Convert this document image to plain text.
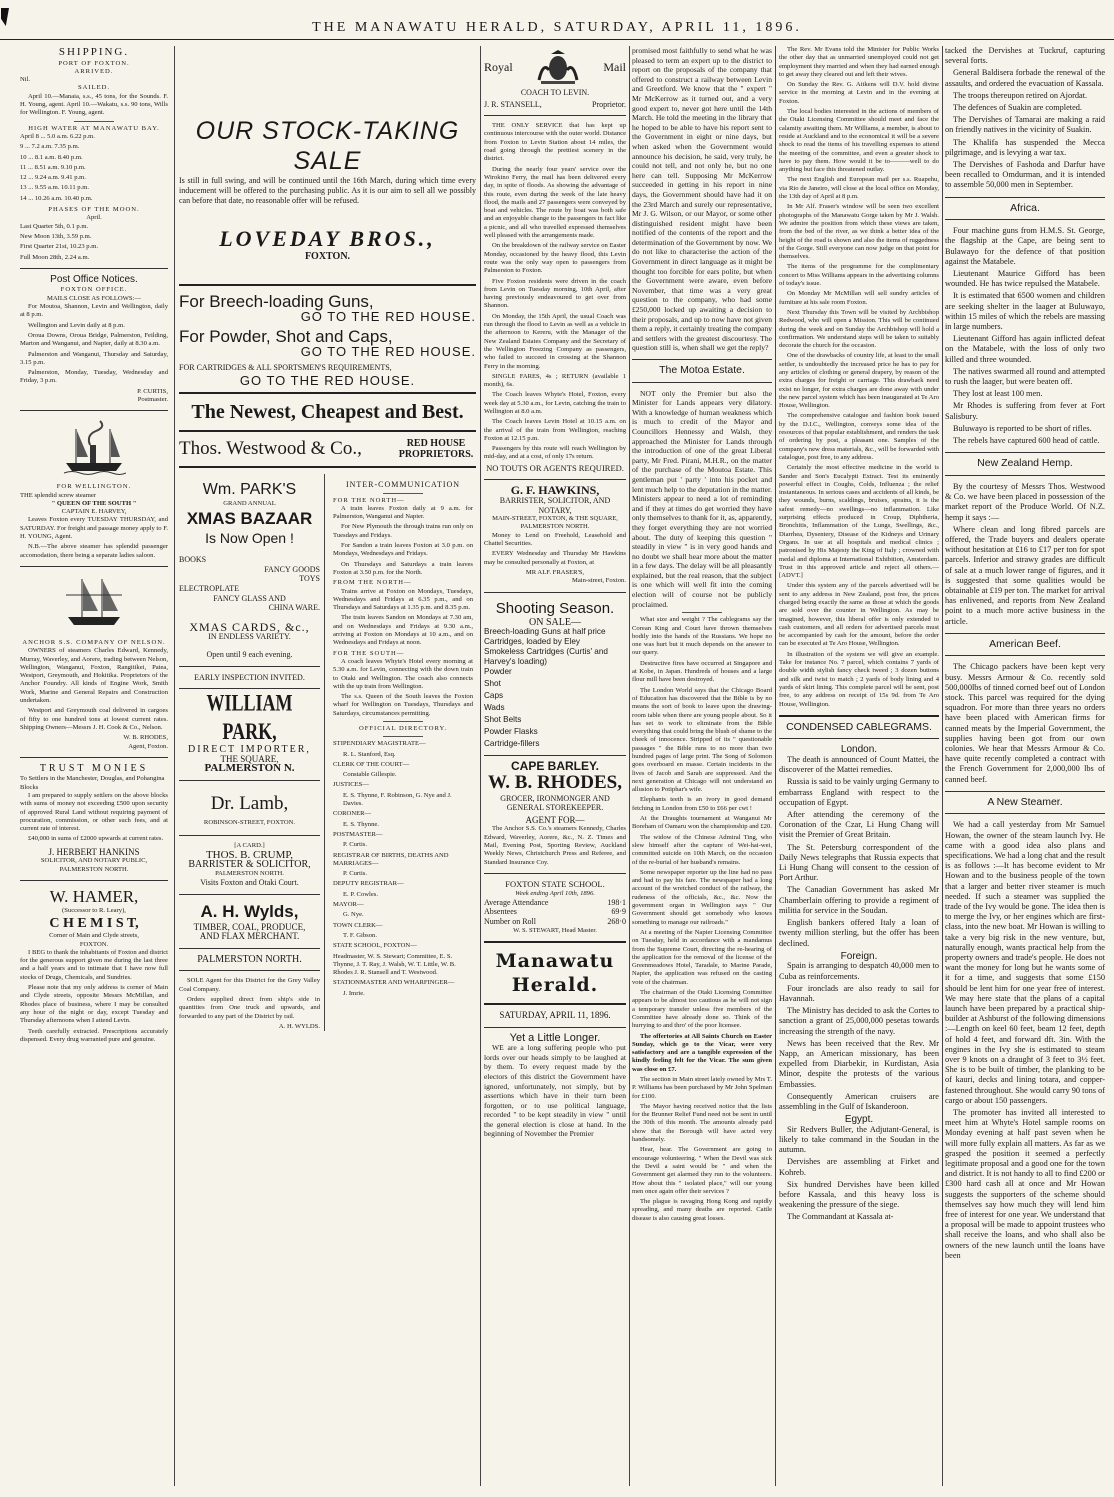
THE MANAWATU HERALD, SATURDAY, APRIL 11, 1896.
SHIPPING.
PORT OF FOXTON.
ARRIVED.
Nil.
SAILED.
April 10.—Manaia, s.s., 45 tons, for the Sounds. F. H. Young, agent. April 10.—Wakatu, s.s. 90 tons, Wills for Wellington. F. Young, agent.
HIGH WATER AT MANAWATU BAY.
April 8 ... 5.0 a.m. 6.22 p.m.
9 ... 7.2 a.m. 7.35 p.m.
10 ... 8.1 a.m. 8.40 p.m.
11 ... 8.51 a.m. 9.10 p.m.
12 ... 9.24 a.m. 9.41 p.m.
13 ... 9.55 a.m. 10.11 p.m.
14 ... 10.26 a.m. 10.40 p.m.
PHASES OF THE MOON.
April.
Last Quarter 5th, 0.1 p.m.
New Moon 13th, 3.59 p.m.
First Quarter 21st, 10.23 p.m.
Full Moon 28th, 2.24 a.m.
Post Office Notices.
FOXTON OFFICE.
MAILS CLOSE AS FOLLOWS:—
For Moutoa, Shannon, Levin and Wellington, daily at 8 p.m.
Wellington and Levin daily at 8 p.m.
Oroua Downs, Oroua Bridge, Palmerston, Feilding, Marton and Wanganui, and Napier, daily at 8.30 a.m.
Palmerston and Wanganui, Thursday and Saturday, 3.15 p.m.
Palmerston, Monday, Tuesday, Wednesday and Friday, 3 p.m.
P. CURTIS,
Postmaster.
FOR WELLINGTON.
THE splendid screw steamer
" QUEEN OF THE SOUTH "
CAPTAIN E. HARVEY,
Leaves Foxton every TUESDAY THURSDAY, and SATURDAY. For freight and passage money apply to F. H. YOUNG, Agent.
N.B.—The above steamer has splendid passenger accomodation, there being a separate ladies saloon.
ANCHOR S.S. COMPANY OF NELSON.
OWNERS of steamers Charles Edward, Kennedy, Murray, Waverley, and Aorere, trading between Nelson, Wellington, Wanganui, Foxton, Rangitikei, Patea, Westport, Greymouth, and Hokitika. Proprietors of the Anchor Foundry. All kinds of Engine Work, Smith Work, Marine and General Repairs and Construction undertaken.
Westport and Greymouth coal delivered in cargoes of fifty to one hundred tons at lowest current rates. Shipping Owners—Messrs J. H. Cook & Co., Nelson.
W. B. RHODES,
Agent, Foxton.
TRUST MONIES
To Settlers in the Manchester, Douglas, and Pohangina Blocks
I am prepared to supply settlers on the above blocks with sums of money not exceeding £500 upon security of approved Rural Land without requiring payment of procuration, commission, or other such fees, and at current rate of interest.
£40,000 in sums of £2000 upwards at current rates.
J. HERBERT HANKINS
SOLICITOR, AND NOTARY PUBLIC,
PALMERSTON NORTH.
W. HAMER,
(Successor to R. Leary),
C H E M I S T,
Corner of Main and Clyde streets,
FOXTON.
I BEG to thank the inhabitants of Foxton and district for the generous support given me during the last three and a half years and to intimate that I have now full stocks of Drugs, Chemicals, and Sundries.
Please note that my only address is corner of Main and Clyde streets, opposite Messrs McMillan, and Rhodes place of business, where I may be consulted any hour of the night or day, except Tuesday and Thursday afternoons when I attend Levin.
Teeth carefully extracted. Prescriptions accurately dispensed. Every drug warranted pure and genuine.
OUR STOCK-TAKING SALE
Is still in full swing, and will be continued until the 16th March, during which time every inducement will be offered to the purchasing public. As it is our aim to sell all we possibly can before that date, no reasonable offer will be refused.
LOVEDAY BROS.,
FOXTON.
For Breech-loading Guns,
GO TO THE RED HOUSE.
For Powder, Shot and Caps,
GO TO THE RED HOUSE.
FOR CARTRIDGES & ALL SPORTSMEN'S REQUIREMENTS,
GO TO THE RED HOUSE.
The Newest, Cheapest and Best.
Thos. Westwood & Co.,	RED HOUSE PROPRIETORS.
Wm. PARK'S
GRAND ANNUAL
XMAS BAZAAR
Is Now Open !
BOOKS
FANCY GOODS
TOYS
ELECTROPLATE
FANCY GLASS AND
CHINA WARE.
XMAS CARDS, &c.,
IN ENDLESS VARIETY.
Open until 9 each evening.
EARLY INSPECTION INVITED.
WILLIAM PARK,
DIRECT IMPORTER,
THE SQUARE,
PALMERSTON N.
Dr. Lamb,
ROBINSON-STREET, FOXTON.
[A CARD.]
THOS. B. CRUMP,
BARRISTER & SOLICITOR,
PALMERSTON NORTH.
Visits Foxton and Otaki Court.
A. H. Wylds,
TIMBER, COAL, PRODUCE,
AND FLAX MERCHANT.
PALMERSTON NORTH.
SOLE Agent for this District for the Grey Valley Coal Company.
Orders supplied direct from ship's side in quantities from One truck and upwards, and forwarded to any part of the District by rail.
A. H. WYLDS.
INTER-COMMUNICATION
FOR THE NORTH—
A train leaves Foxton daily at 9 a.m. for Palmerston, Wanganui and Napier.
For New Plymouth the through trains run only on Tuesdays and Fridays.
For Sandon a train leaves Foxton at 3.0 p.m. on Mondays, Wednesdays and Fridays.
On Thursdays and Saturdays a train leaves Foxton at 3.50 p.m. for the North.
FROM THE NORTH—
Trains arrive at Foxton on Mondays, Tuesdays, Wednesdays and Fridays at 6.35 p.m., and on Thursdays and Saturdays at 1.35 p.m. and 8.35 p.m.
The train leaves Sandon on Mondays at 7.30 am, and on Wednesdays and Fridays at 9.30 a.m., arriving at Foxton on Mondays at 10 a.m., and on Wednesdays and Fridays at noon.
FOR THE SOUTH—
A coach leaves Whyte's Hotel every morning at 5.30 a.m. for Levin, connecting with the down train to Otaki and Wellington. The coach also connects with the up train from Wellington.
The s.s. Queen of the South leaves the Foxton wharf for Wellington on Tuesdays, Thursdays and Saturdays, circumstances permitting.
OFFICIAL DIRECTORY.
STIPENDIARY MAGISTRATE—
R. L. Stanford, Esq.
CLERK OF THE COURT—
Constable Gillespie.
JUSTICES—
E. S. Thynne, F. Robinson, G. Nye and J. Davies.
CORONER—
E. S. Thynne.
POSTMASTER—
P. Curtis.
REGISTRAR OF BIRTHS, DEATHS AND MARRIAGES—
P. Curtis.
DEPUTY REGISTRAR—
E. P. Cowles.
MAYOR—
G. Nye.
TOWN CLERK—
T. F. Gibson.
STATE SCHOOL, FOXTON—
Headmaster, W. S. Stewart; Committee, E. S. Thynne, J. T. Ray, J. Walsh, W. T. Little, W. B. Rhodes J. R. Stansell and T. Westwood.
STATIONMASTER AND WHARFINGER—
J. Imrie.
Royal	Mail
COACH TO LEVIN.
J. R. STANSELL,	Proprietor.
THE ONLY SERVICE that has kept up continuous intercourse with the outer world. Distance from Foxton to Levin Station about 14 miles, the road going through the prettiest scenery in the district.
During the nearly four years' service over the Wirokino Ferry, the mail has been delivered every day, in spite of floods. As showing the advantage of this route, even during the week of the late heavy flood, the mails and 27 passengers were conveyed by boat and vehicles. The route by boat was both safe and an enjoyable change to the passengers in fact like a picnic, and all who travelled expressed themselves well pleased with the arrangements made.
On the breakdown of the railway service on Easter Monday, occasioned by the heavy flood, this Levin route was the only way open to passengers from Palmerston to Foxton.
Five Foxton residents were driven in the coach from Levin on Tuesday morning, 10th April, after having previously endeavoured to get over from Shannon.
On Monday, the 15th April, the usual Coach was run through the flood to Levin as well as a vehicle in the afternoon to Kereru, with the Manager of the New Zealand Estates Company and the Secretary of the Wellington Freezing Company as passengers, who failed to succeed in crossing at the Shannon Ferry in the morning.
SINGLE FARES, 4s ; RETURN (available 1 month), 6s.
The Coach leaves Whyte's Hotel, Foxton, every week day at 5.30 a.m., for Levin, catching the train to Wellington at 8.0 a.m.
The Coach leaves Levin Hotel at 10.15 a.m. on the arrival of the train from Wellington, reaching Foxton at 12.15 p.m.
Passengers by this route will reach Wellington by mid-day, and at a cost, of only 17s return.
NO TOUTS OR AGENTS REQUIRED.
G. F. HAWKINS,
BARRISTER, SOLICITOR, AND NOTARY,
MAIN-STREET, FOXTON, & THE SQUARE, PALMERSTON NORTH.
Money to Lend on Freehold, Leasehold and Chattel Securities.
EVERY Wednesday and Thursday Mr Hawkins may be consulted personally at Foxton, at
MR ALF. FRASER'S,
Main-street, Foxton.
Shooting Season.
ON SALE—
Breech-loading Guns at half price
Cartridges, loaded by Eley
Smokeless Cartridges (Curtis' and Harvey's loading)
Powder
Shot
Caps
Wads
Shot Belts
Powder Flasks
Cartridge-fillers
CAPE BARLEY.
W. B. RHODES,
GROCER, IRONMONGER AND GENERAL STOREKEEPER.
AGENT FOR—
The Anchor S.S. Co.'s steamers Kennedy, Charles Edward, Waverley, Aorere, &c., N. Z. Times and Mail, Evening Post, Sporting Review, Auckland Weekly News, Christchurch Press and Referee, and Standard Insurance Coy.
FOXTON STATE SCHOOL.
Week ending April 10th, 1896.
Average Attendance	198·1
Absentees	69·9
Number on Roll	268·0
W. S. STEWART, Head Master.
Manawatu Herald.
SATURDAY, APRIL 11, 1896.
Yet a Little Longer.
WE are a long suffering people who put lords over our heads simply to be laughed at by them. To every request made by the electors of this district the Government have ignored, unfortunately, not simply, but by assertions which have in their turn been forgotten, or to use political language, recorded " to be kept steadily in view " until the general election is close at hand. In the beginning of November the Premier
promised most faithfully to send what he was pleased to term an expert up to the district to report on the proposals of the company that offered to construct a railway between Levin and Greetford. We know that the " expert " Mr McKerrow as it turned out, and a very good expert to, never got here until the 14th March. He told the meeting in the library that he hoped to be able to have his report sent to the Government in eight or nine days, but when asked when the Government would announce his decision, he said, very truly, he could not tell, and not only he, but no one here can tell. Supposing Mr McKerrow succeeded in getting in his report in nine days, the Government should have had it on the 23rd March and surely our representative, Mr J. G. Wilson, or our Mayor, or some other distinguished resident might have been notified of the contents of the report and the determination of the Government by now. We do not like to characterise the action of the Government in direct language as it might be thought too forcible for ears polite, but when the Government were aware, even before November, that time was a very great question to the company, who had some £250,000 locked up awaiting a decision to their proposals, and up to now have not given them a reply, it certainly treating the company and settlers with the greatest discourtesy. The question still is, when shall we get the reply?
The Motoa Estate.
NOT only the Premier but also the Minister for Lands appears very dilatory. With a knowledge of human weakness which is much to credit of the Mayor and Councillors Hennessy and Walsh, they approached the Minister for Lands through the introduction of one of the great Liberal party, Mr Fred. Pirani, M.H.R., on the matter of the purchase of the Moutoa Estate. This gentleman put ' party ' into his pocket and lent much help to the deputation in the matter. Ministers appear to need a lot of reminding and if they at times do get worried they have only themselves to thank for it, as, apparently, they forget everything they are not worried about. The duty of keeping this question " steadily in view " is in very good hands and no doubt we shall hear more about the matter in a few days. The delay will be all pleasantly explained, but the real reason, that the subject is one which will well fit into the coming election will of course not be publicly proclaimed.
What size and weight ? The cablegrams say the Corean King and Court have thrown themselves bodily into the hands of the Russians. We hope no one was hurt but it much depends on the answer to our query.
Destructive fires have occurred at Singapore and at Kobe, in Japan. Hundreds of houses and a large flour mill have been destroyed.
The London World says that the Chicago Board of Education has discovered that the Bible is by no means the sort of book to leave upon the drawing-room table when there are young people about. So it has set to work to eliminate from the Bible everything that could bring the blush of shame to the cheek of innocence. Stripped of its " questionable passages " the Bible runs to no more than two hundred pages of large print. The Song of Solomon goes overboard en masse. Certain incidents in the lives of Jacob and Sarah are suppressed. And the next generation at Chicago will not understand an allusion to Potiphar's wife.
Elephants teeth is an ivory in good demand fetching in London from £50 to £66 per cwt !
At the Draughts tournament at Wanganui Mr Boreham of Oamaru won the championship and £20.
The widow of the Chinese Admiral Ting, who slew himself after the capture of Wei-hai-wei, committed suicide on 10th March, on the occasion of the re-burial of her husband's remains.
Some newspaper reporter up the line had no pass and had to pay his fare. The newspaper had a long account of the wretched conduct of the railway, the rudeness of the officials, &c., &c. Now the government organ in Wellington says " Our Government should get somebody who knows something to manage our railroads."
At a meeting of the Napier Licensing Committee on Tuesday, held in accordance with a mandamus from the Supreme Court, directing the re-hearing of the application for the removal of the license of the Greenmeadows Hotel, Taradale, to Marine Parade, Napier, the application was refused on the casting vote of the chairman.
The chairman of the Otaki Licensing Committee appears to be almost too cautious as he will not sign a temporary transfer unless five members of the Committee have already done so. Think of the hurrying to and thro' of the poor licensee.
The offertories at All Saints Church on Easter Sunday, which go to the Vicar, were very satisfactory and are a tangible expression of the kindly feeling felt for the Vicar. The sum given was close on £7.
The section in Main street lately owned by Mrs T. P. Williams has been purchased by Mr John Spelman for £100.
The Mayor having received notice that the lists for the Brunner Relief Fund need not be sent in until the 30th of this month. The amounts already paid show that the Borough will have acted very handsomely.
Hear, hear. The Government are going to encourage volunteering. " When the Devil was sick the Devil a saint would be " and when the Government get alarmed they run to the volunteers. How about this " isolated place," will our young men once again offer their services ?
The plague is ravaging Hong Kong and rapidly spreading, and many deaths are reported. Cattle disease is also causing great losses.
The Rev. Mr Evans told the Minister for Public Works the other day that as unmarried unemployed could not get employment they married and when they had earned enough to get away they cleared out and left their wives.
On Sunday the Rev. G. Aitkens will D.V. hold divine service in the morning at Levin and in the evening at Foxton.
The local bodies interested in the actions of members of the Otaki Licensing Committee should meet and face the calamity awaiting them. Mr Williams, a member, is about to reside at Auckland and to the economical it will be a severe shock to read the items of his travelling expenses to attend the meeting of the committee, and even a greater shock to have to pay them. How would it be to———well to do anything but face this threatened outlay.
The next English and European mail per s.s. Ruapehu, via Rio de Janeiro, will close at the local office on Monday, the 13th day of April at 8 p.m.
In Mr Alf. Fraser's window will be seen two excellent photographs of the Manawatu Gorge taken by Mr J. Walsh. We admire the position from which these views are taken, from the bed of the river, as we think a better idea of the height of the road is shown and also the items of ruggedness of the Gorge. Still everyone can now judge on that point for themselves.
The items of the programme for the complimentary concert to Miss Williams appears in the advertising columns of today's issue.
On Monday Mr McMillan will sell sundry articles of furniture at his sale room Foxton.
Next Thursday this Town will be visited by Archbishop Redwood, who will open a Mission. This will be continued during the week and on Sunday the Archbishop will hold a confirmation. We understand steps will be taken to suitably decorate the church for the occasion.
One of the drawbacks of country life, at least to the small settler, is undoubtedly the increased price he has to pay for any articles of clothing or general drapery, by reason of the extra charges for freight or carriage. This drawback need exist no longer, for extra charges are done away with under the new parcel system which has been inaugurated at Te Aro House, Wellington.
The comprehensive catalogue and fashion book issued by the D.I.C., Wellington, conveys some idea of the resources of that popular establishment, and renders the task of ordering by post, a pleasant one. Samples of the company's new dress materials, &c., will be forwarded with catalogue, post free, to any address.
Certainly the most effective medicine in the world is Sander and Son's Eucalypti Extract. Test its eminently powerful effect in Coughs, Colds, Influenza ; the relief instantaneous. In serious cases and accidents of all kinds, be they wounds, burns, scaldings, bruises, sprains, it is the safest remedy—no swellings—no inflammation. Like surprising effects produced in Croup, Diphtheria, Bronchitis, Inflammation of the Lungs, Swellings, &c., Diarrhea, Dysentery, Disease of the Kidneys and Urinary Organs. In use at all hospitals and medical clinics ; patronised by His Majesty the King of Italy ; crowned with medal and diploma at International Exhibition, Amsterdam. Trust in this approved article and reject all others.—[ADVT.]
Under this system any of the parcels advertised will be sent to any address in New Zealand, post free, the prices charged being exactly the same as those at which the goods are sold over the counter in Wellington. As may be imagined, however, this liberal offer is only extended to cash customers, and all orders for advertised parcels must be accompanied by cash for the amount, before the order can be executed at Te Aro House, Wellington.
In illustration of the system we will give an example. Take for instance No. 7 parcel, which contains 7 yards of double width stylish fancy check tweed ; 3 dozen buttons and silk and twist to match ; 2 yards of body lining and 4 yards of skirt lining. This complete parcel will be sent, post free, to any address on receipt of 15s 9d. from Te Aro House, Wellington.
CONDENSED CABLEGRAMS.
London.
The death is announced of Count Mattei, the discoverer of the Mattei remedies.
Russia is said to be vainly urging Germany to embarrass England with respect to the occupation of Egypt.
After attending the ceremony of the Coronation of the Czar, Li Hung Chang will visit the Premier of Great Britain.
The St. Petersburg correspondent of the Daily News telegraphs that Russia expects that Li Hung Chang will consent to the cession of Port Arthur.
The Canadian Government has asked Mr Chamberlain offering to provide a regiment of militia for service in the Soudan.
English bankers offered Italy a loan of twenty million sterling, but the offer has been declined.
Foreign.
Spain is arranging to despatch 40,000 men to Cuba as reinforcements.
Four ironclads are also ready to sail for Havannah.
The Ministry has decided to ask the Cortes to sanction a grant of 25,000,000 pesetas towards increasing the strength of the navy.
News has been received that the Rev. Mr Napp, an American missionary, has been expelled from Diarbekir, in Kurdistan, Asia Minor, despite the protests of the various Embassies.
Consequently American cruisers are assembling in the Gulf of Iskanderoon.
Egypt.
Sir Redvers Buller, the Adjutant-General, is likely to take command in the Soudan in the autumn.
Dervishes are assembling at Firket and Kohreb.
Six hundred Dervishes have been killed before Kassala, and this heavy loss is weakening the pressure of the siege.
The Commandant at Kassala at-
tacked the Dervishes at Tuckruf, capturing several forts.
General Baldisera forbade the renewal of the assaults, and ordered the evacuation of Kassala.
The troops thereupon retired on Ajordat.
The defences of Suakin are completed.
The Dervishes of Tamarai are making a raid on friendly natives in the vicinity of Suakin.
The Khalifa has suspended the Mecca pilgrimage, and is levying a war tax.
The Dervishes of Fashoda and Darfur have been recalled to Omdurman, and it is intended to assemble 50,000 men in September.
Africa.
Four machine guns from H.M.S. St. George, the flagship at the Cape, are being sent to Bulawayo for the defence of that position against the Matabele.
Lieutenant Maurice Gifford has been wounded. He has twice repulsed the Matabele.
It is estimated that 6500 women and children are seeking shelter in the laager at Buluwayo, within 15 miles of which the rebels are massing in large numbers.
Lieutenant Gifford has again inflicted defeat on the Matabele, with the loss of only two killed and three wounded.
The natives swarmed all round and attempted to rush the laager, but were beaten off.
They lost at least 100 men.
Mr Rhodes is suffering from fever at Fort Salisbury.
Buluwayo is reported to be short of rifles.
The rebels have captured 600 head of cattle.
New Zealand Hemp.
By the courtesy of Messrs Thos. Westwood & Co. we have been placed in possession of the market report of the Produce World. Of N.Z. hemp it says :—
Where clean and long fibred parcels are offered, the Trade buyers and dealers operate without hesitation at £16 to £17 per ton for spot parcels. Inferior and strawy grades are difficult of sale at a much lower range of figures, and it is suggested that some qualities would be obtainable at £19 per ton. The market for arrival has enlivened, and reports from New Zealand point to a much more active business in the article.
American Beef.
The Chicago packers have been kept very busy. Messrs Armour & Co. recently sold 500,000lbs of tinned corned beef out of London stock. This parcel was required for the dying squadron. For more than three years no orders have been placed with American firms for canned meats by the Imperial Government, the supplies having been got from our own colonies. We hear that Messrs Armour & Co. have quite recently completed a contract with the French Government for 2,000,000 lbs of canned beef.
A New Steamer.
We had a call yesterday from Mr Samuel Howan, the owner of the steam launch Ivy. He came with a good idea also plans and specifications. We had a long chat and the result is as follows :—It has become evident to Mr Howan and to the business people of the town that a larger and better river steamer is much needed. If such a steamer was supplied the trade of the Ivy would be gone. The idea then is to merge the Ivy, or her engines which are first-class, into the new boat. Mr Howan is willing to take a very big risk in the new venture, but, naturally enough, wants practical help from the property owners and trade's people. He does not want the money for long but he wants some of it for a time, and suggests that some £150 should be lent him for one year free of interest. We may here state that the plans of a capital launch have been prepared by a practical ship-builder at Ashburst of the following dimensions :—Length on keel 60 feet, beam 12 feet, depth of hold 4 feet, and forward dft. 3in. With the engines in the Ivy she is estimated to steam over 9 knots on a draught of 3 feet to 3½ feet. She is to be built of timber, the planking to be of kauri, decks and lining totara, and copper-fastened throughout. She would carry 90 tons of cargo or about 150 passengers.
The promoter has invited all interested to meet him at Whyte's Hotel sample rooms on Monday evening at half past seven when he will more fully explain all matters. As far as we grasped the position it seemed a perfectly legitimate proposal and a good one for the town and district. It is not handy to all to find £200 or £300 hard cash all at once and Mr Howan suggests the supporters of the scheme should themselves say how much they will lend him free of interest for one year. We understand that a proposal will be made to appoint trustees who shall receive the loans, and who shall also be owners of the new launch until the loans have been
